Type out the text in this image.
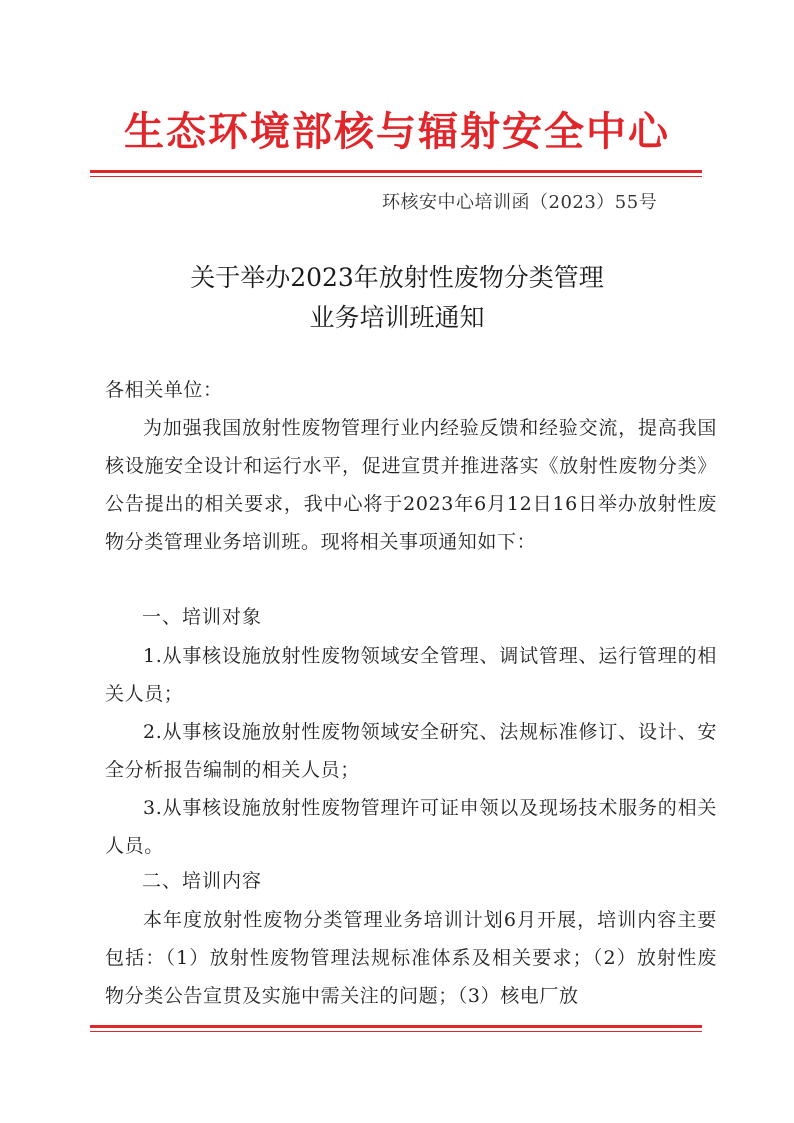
生态环境部核与辐射安全中心
环核安中心培训函（2023）55号
关于举办2023年放射性废物分类管理
业务培训班通知
各相关单位：
为加强我国放射性废物管理行业内经验反馈和经验交流，提高我国核设施安全设计和运行水平，促进宣贯并推进落实《放射性废物分类》公告提出的相关要求，我中心将于2023年6月12日16日举办放射性废物分类管理业务培训班。现将相关事项通知如下：
一、培训对象
1.从事核设施放射性废物领域安全管理、调试管理、运行管理的相关人员；
2.从事核设施放射性废物领域安全研究、法规标准修订、设计、安全分析报告编制的相关人员；
3.从事核设施放射性废物管理许可证申领以及现场技术服务的相关人员。
二、培训内容
本年度放射性废物分类管理业务培训计划6月开展，培训内容主要包括：（1）放射性废物管理法规标准体系及相关要求；（2）放射性废物分类公告宣贯及实施中需关注的问题；（3）核电厂放
